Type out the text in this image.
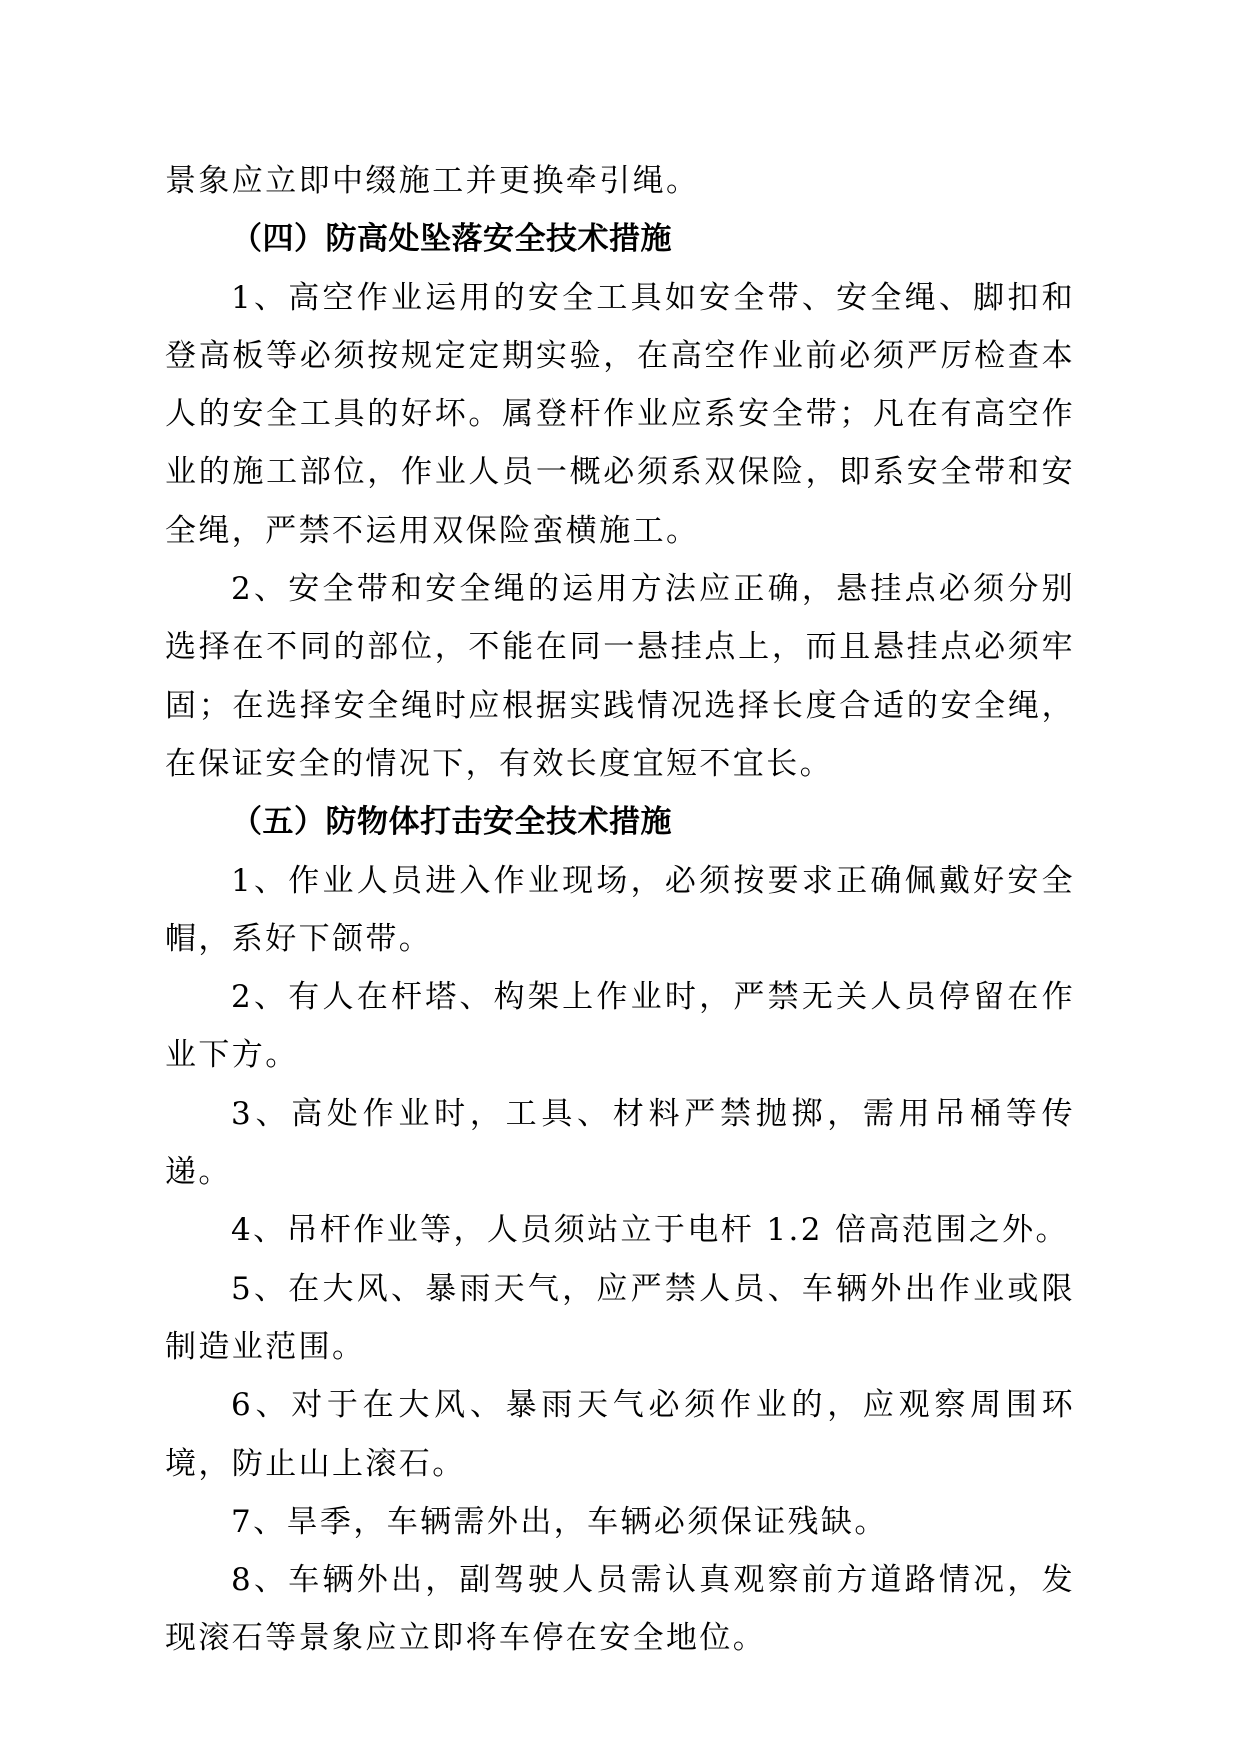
景象应立即中缀施工并更换牵引绳。

（四）防高处坠落安全技术措施

1、高空作业运用的安全工具如安全带、安全绳、脚扣和登高板等必须按规定定期实验，在高空作业前必须严厉检查本人的安全工具的好坏。属登杆作业应系安全带；凡在有高空作业的施工部位，作业人员一概必须系双保险，即系安全带和安全绳，严禁不运用双保险蛮横施工。

2、安全带和安全绳的运用方法应正确，悬挂点必须分别选择在不同的部位，不能在同一悬挂点上，而且悬挂点必须牢固；在选择安全绳时应根据实践情况选择长度合适的安全绳，在保证安全的情况下，有效长度宜短不宜长。

（五）防物体打击安全技术措施

1、作业人员进入作业现场，必须按要求正确佩戴好安全帽，系好下颌带。

2、有人在杆塔、构架上作业时，严禁无关人员停留在作业下方。

3、高处作业时，工具、材料严禁抛掷，需用吊桶等传递。

4、吊杆作业等，人员须站立于电杆 1.2 倍高范围之外。

5、在大风、暴雨天气，应严禁人员、车辆外出作业或限制造业范围。

6、对于在大风、暴雨天气必须作业的，应观察周围环境，防止山上滚石。

7、旱季，车辆需外出，车辆必须保证残缺。

8、车辆外出，副驾驶人员需认真观察前方道路情况，发现滚石等景象应立即将车停在安全地位。
